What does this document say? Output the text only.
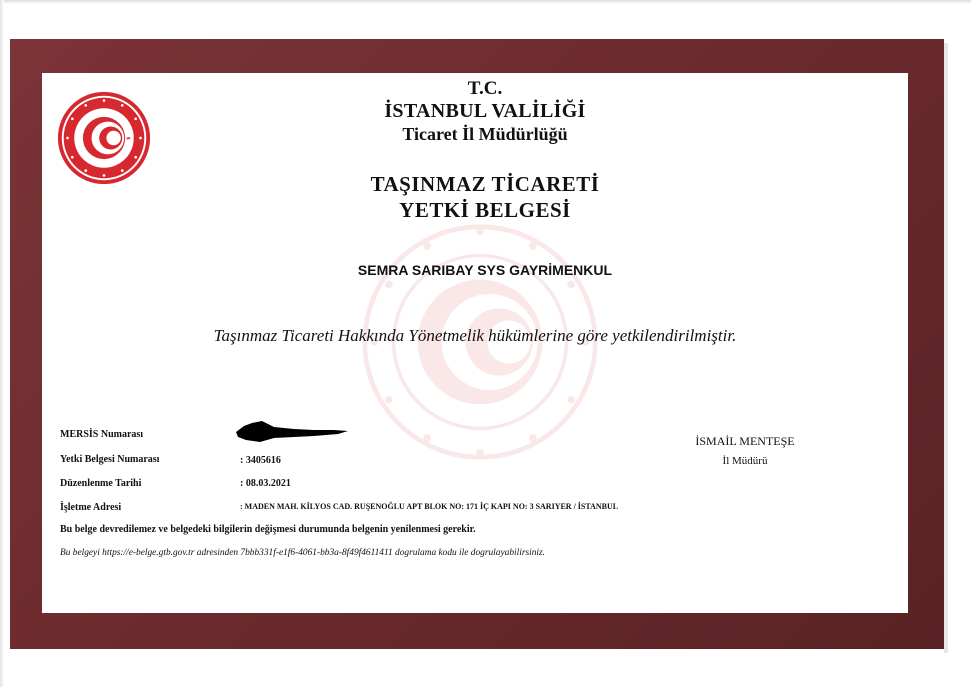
T.C.
İSTANBUL VALİLİĞİ
Ticaret İl Müdürlüğü
TAŞINMAZ TİCARETİ
YETKİ BELGESİ
SEMRA SARIBAY SYS GAYRİMENKUL
Taşınmaz Ticareti Hakkında Yönetmelik hükümlerine göre yetkilendirilmiştir.
MERSİS Numarası
Yetki Belgesi Numarası	: 3405616
Düzenlenme Tarihi	: 08.03.2021
İşletme Adresi	: MADEN MAH. KİLYOS CAD. RUŞENOĞLU APT BLOK NO: 171 İÇ KAPI NO: 3 SARIYER / İSTANBUL
İSMAİL MENTEŞE
İl Müdürü
Bu belge devredilemez ve belgedeki bilgilerin değişmesi durumunda belgenin yenilenmesi gerekir.
Bu belgeyi https://e-belge.gtb.gov.tr adresinden 7bbb331f-e1f6-4061-bb3a-8f49f4611411 dogrulama kodu ile dogrulayabilirsiniz.
